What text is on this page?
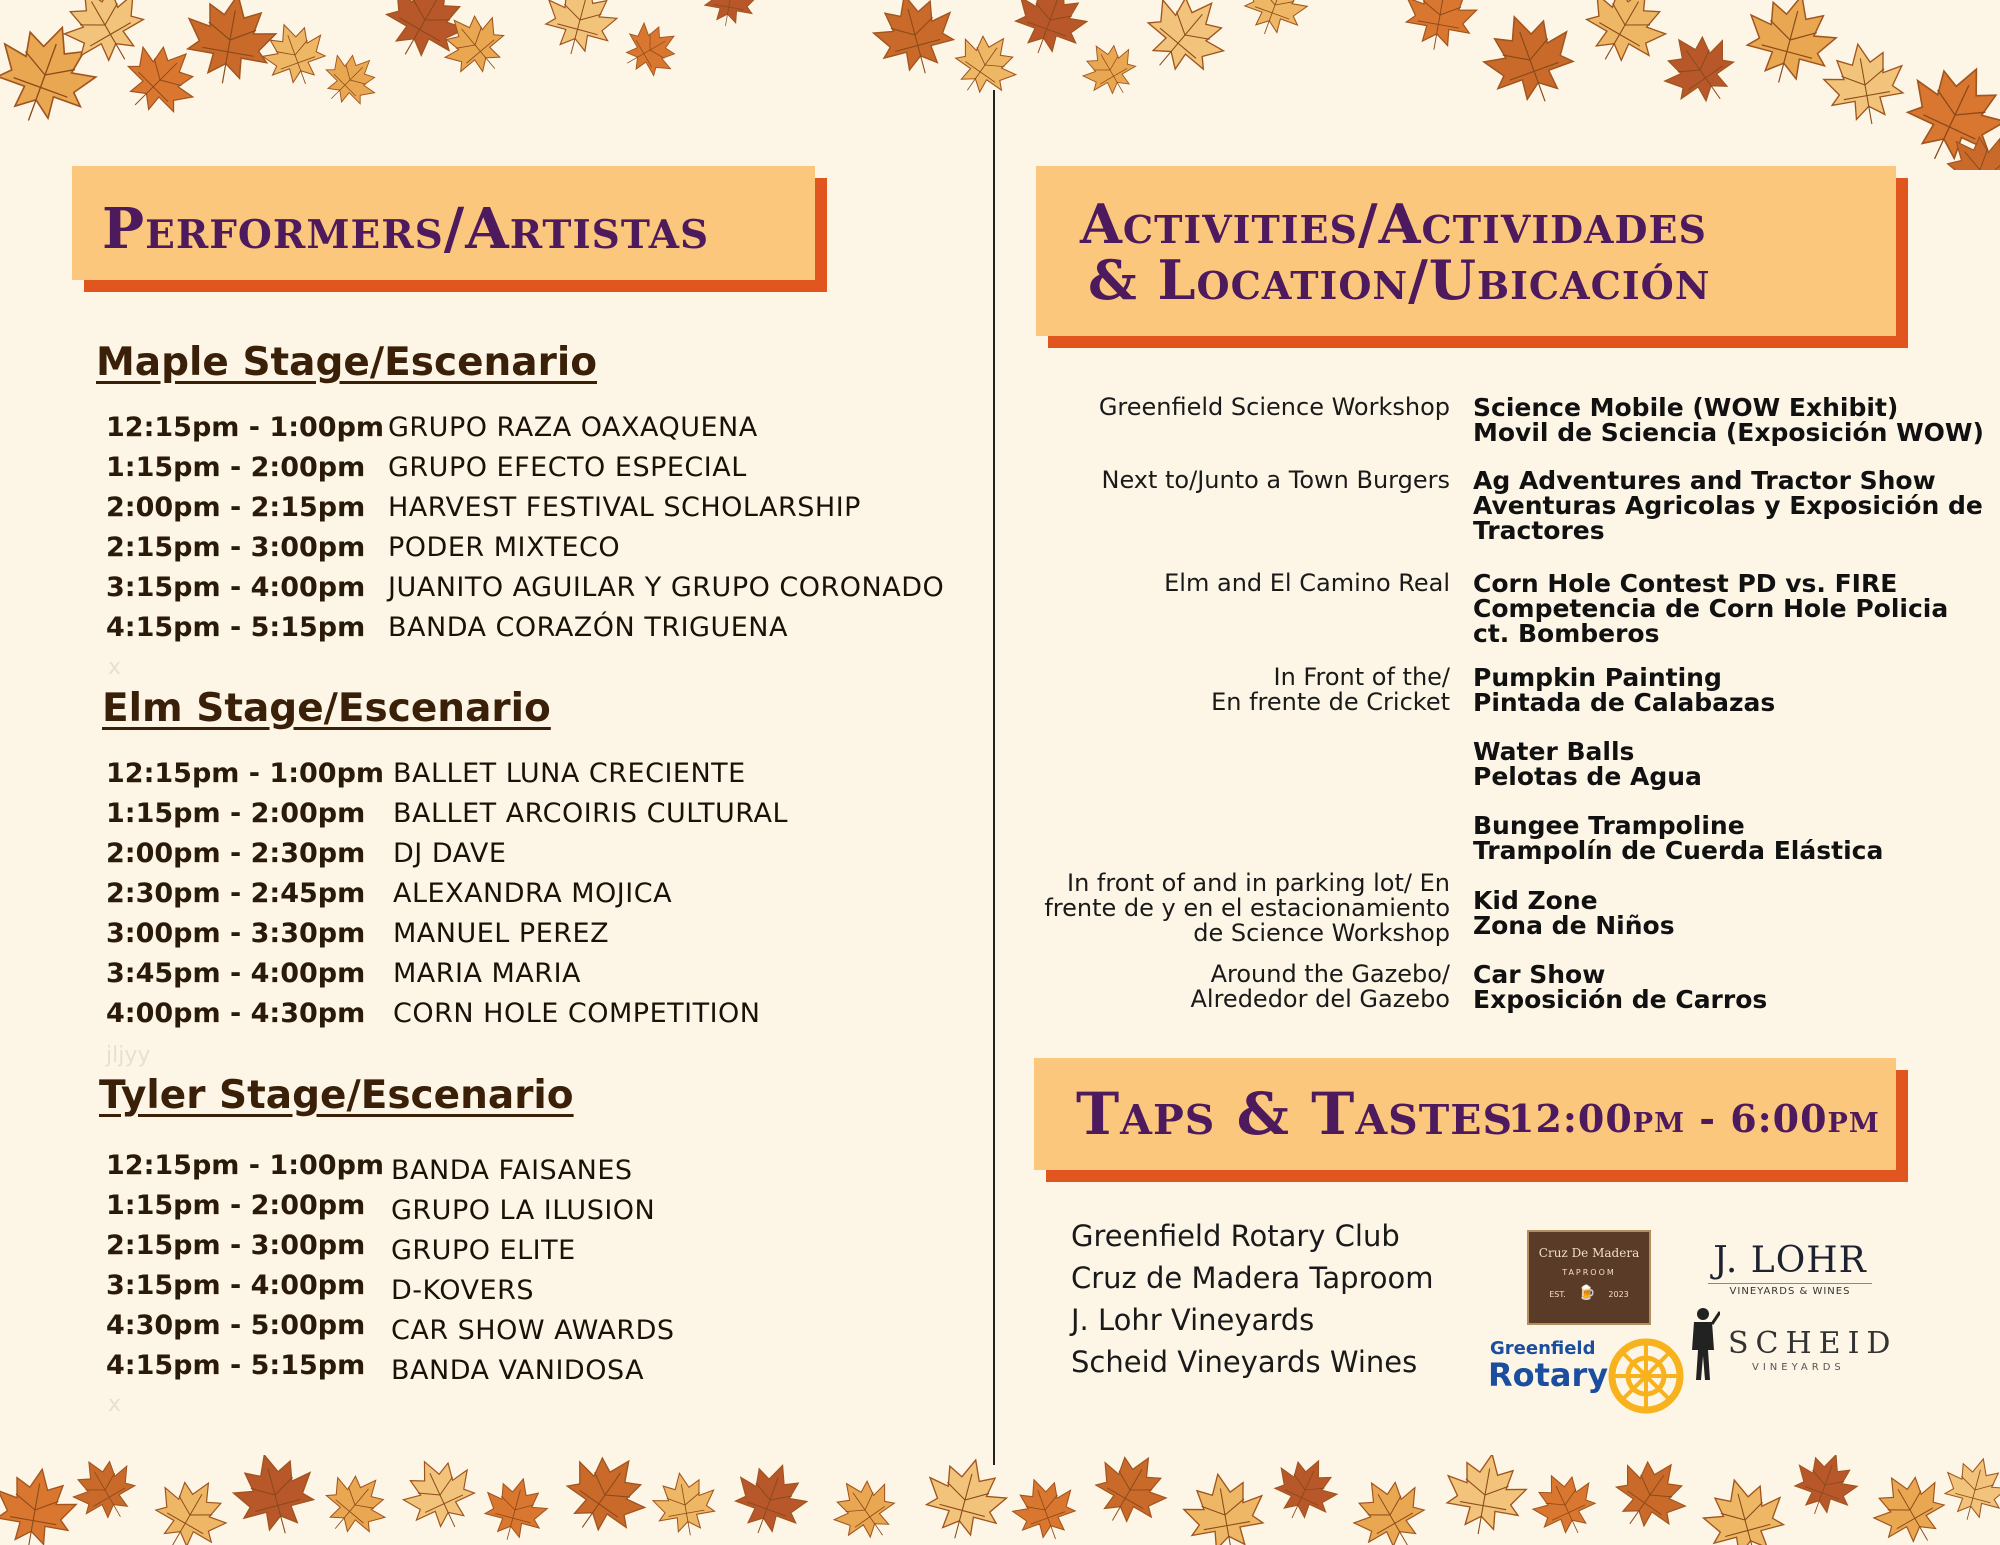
Performers/Artistas
Maple Stage/Escenario
12:15pm - 1:00pm GRUPO RAZA OAXAQUENA
1:15pm - 2:00pm GRUPO EFECTO ESPECIAL
2:00pm - 2:15pm HARVEST FESTIVAL SCHOLARSHIP
2:15pm - 3:00pm PODER MIXTECO
3:15pm - 4:00pm JUANITO AGUILAR Y GRUPO CORONADO
4:15pm - 5:15pm BANDA CORAZÓN TRIGUENA
x
Elm Stage/Escenario
12:15pm - 1:00pm BALLET LUNA CRECIENTE
1:15pm - 2:00pm BALLET ARCOIRIS CULTURAL
2:00pm - 2:30pm DJ DAVE
2:30pm - 2:45pm ALEXANDRA MOJICA
3:00pm - 3:30pm MANUEL PEREZ
3:45pm - 4:00pm MARIA MARIA
4:00pm - 4:30pm CORN HOLE COMPETITION
jljyy
Tyler Stage/Escenario
12:15pm - 1:00pm BANDA FAISANES
1:15pm - 2:00pm GRUPO LA ILUSION
2:15pm - 3:00pm GRUPO ELITE
3:15pm - 4:00pm D-KOVERS
4:30pm - 5:00pm CAR SHOW AWARDS
4:15pm - 5:15pm BANDA VANIDOSA
x
Activities/Actividades
& Location/Ubicación
Greenfield Science Workshop Science Mobile (WOW Exhibit)
Movil de Sciencia (Exposición WOW)
Next to/Junto a Town Burgers Ag Adventures and Tractor Show
Aventuras Agricolas y Exposición de
Tractores
Elm and El Camino Real Corn Hole Contest PD vs. FIRE
Competencia de Corn Hole Policia
ct. Bomberos
In Front of the/
En frente de Cricket
Pumpkin Painting
Pintada de Calabazas
Water Balls
Pelotas de Agua
Bungee Trampoline
Trampolín de Cuerda Elástica
In front of and in parking lot/ En
frente de y en el estacionamiento
de Science Workshop
Kid Zone
Zona de Niños
Around the Gazebo/
Alrededor del Gazebo
Car Show
Exposición de Carros
Taps & Tastes
12:00pm - 6:00pm
Greenfield Rotary Club
Cruz de Madera Taproom
J. Lohr Vineyards
Scheid Vineyards Wines
Cruz De Madera
TAPROOM
EST. 🍺 2023
J. LOHR
VINEYARDS & WINES
Greenfield
Rotary
SCHEID
VINEYARDS
